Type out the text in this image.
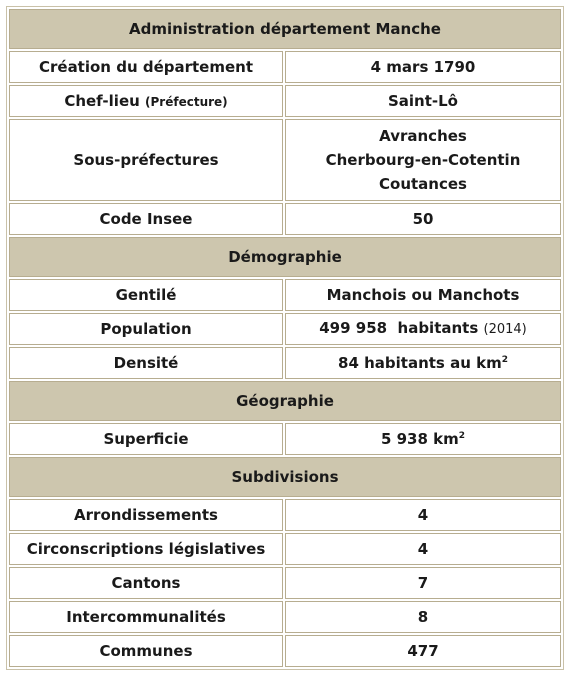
Administration département Manche	
Création du département	4 mars 1790
Chef-lieu (Préfecture)	Saint-Lô
Sous-préfectures	Avranches
Cherbourg-en-Cotentin
Coutances

Code Insee	50
Démographie	
Gentilé	Manchois ou Manchots
Population	499 958  habitants (2014)
Densité	84 habitants au $km^2$
Géographie	
Superficie	5 938 $km^2$
Subdivisions	
Arrondissements	4
Circonscriptions législatives	4
Cantons	7
Intercommunalités	8
Communes	477
